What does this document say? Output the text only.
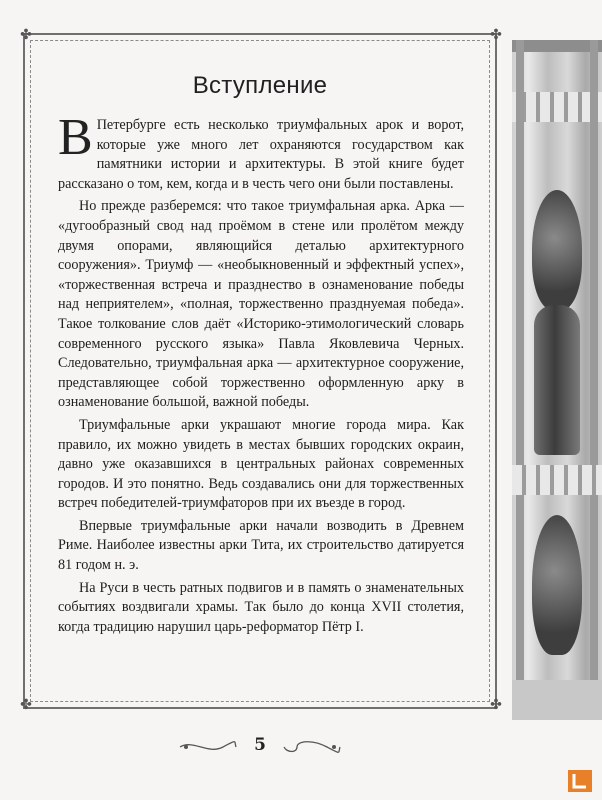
✤	✤
✤	✤
Вступление

В Петербурге есть несколько триумфальных арок и ворот, которые уже много лет охраняются государством как памятники истории и архитектуры. В этой книге будет рассказано о том, кем, когда и в честь чего они были поставлены.

Но прежде разберемся: что такое триумфальная арка. Арка — «дугообразный свод над проёмом в стене или пролётом между двумя опорами, являющийся деталью архитектурного сооружения». Триумф — «необыкновенный и эффектный успех», «торжественная встреча и празднество в ознаменование победы над неприятелем», «полная, торжественно празднуемая победа». Такое толкование слов даёт «Историко-этимологический словарь современного русского языка» Павла Яковлевича Черных. Следовательно, триумфальная арка — архитектурное сооружение, представляющее собой торжественно оформленную арку в ознаменование большой, важной победы.

Триумфальные арки украшают многие города мира. Как правило, их можно увидеть в местах бывших городских окраин, давно уже оказавшихся в центральных районах современных городов. И это понятно. Ведь создавались они для торжественных встреч победителей-триумфаторов при их въезде в город.

Впервые триумфальные арки начали возводить в Древнем Риме. Наиболее известны арки Тита, их строительство датируется 81 годом н. э.

На Руси в честь ратных подвигов и в память о знаменательных событиях воздвигали храмы. Так было до конца XVII столетия, когда традицию нарушил царь-реформатор Пётр I.

5
